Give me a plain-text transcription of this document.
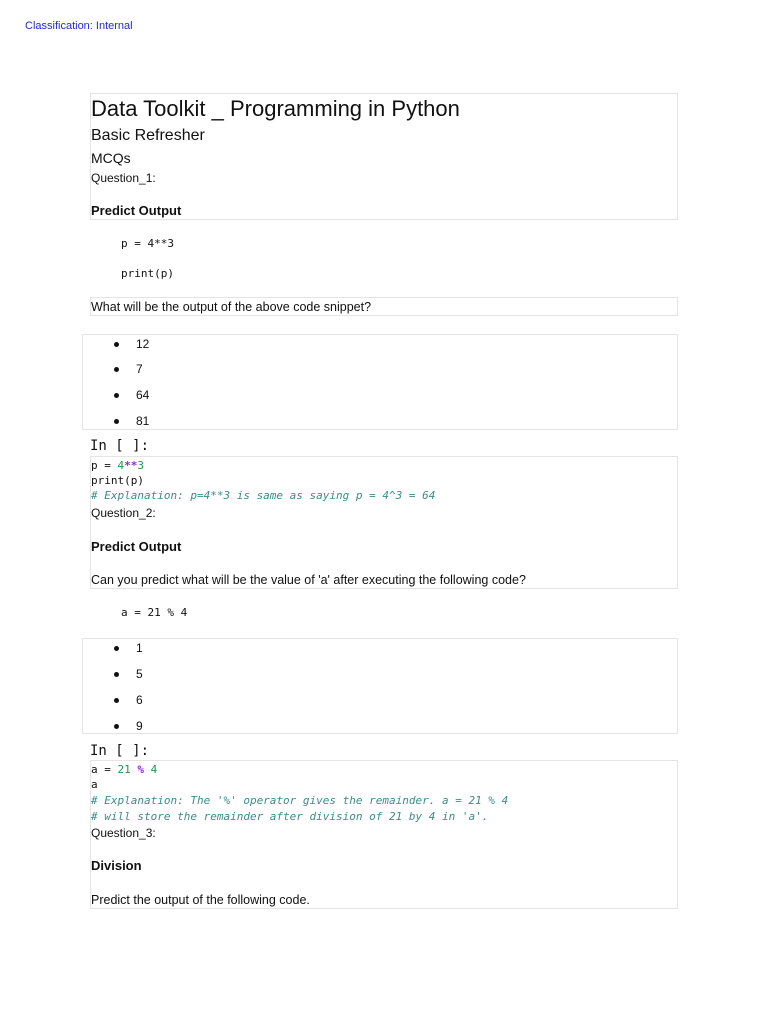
Classification: Internal
Data Toolkit _ Programming in Python
Basic Refresher
MCQs
Question_1:
Predict Output
p = 4**3
print(p)
What will be the output of the above code snippet?
12
7
64
81
In [ ]:
p = 4**3
print(p)
# Explanation: p=4**3 is same as saying p = 4^3 = 64
Question_2:
Predict Output
Can you predict what will be the value of 'a' after executing the following code?
a = 21 % 4
1
5
6
9
In [ ]:
a = 21 % 4
a
# Explanation: The '%' operator gives the remainder. a = 21 % 4
# will store the remainder after division of 21 by 4 in 'a'.
Question_3:
Division
Predict the output of the following code.
